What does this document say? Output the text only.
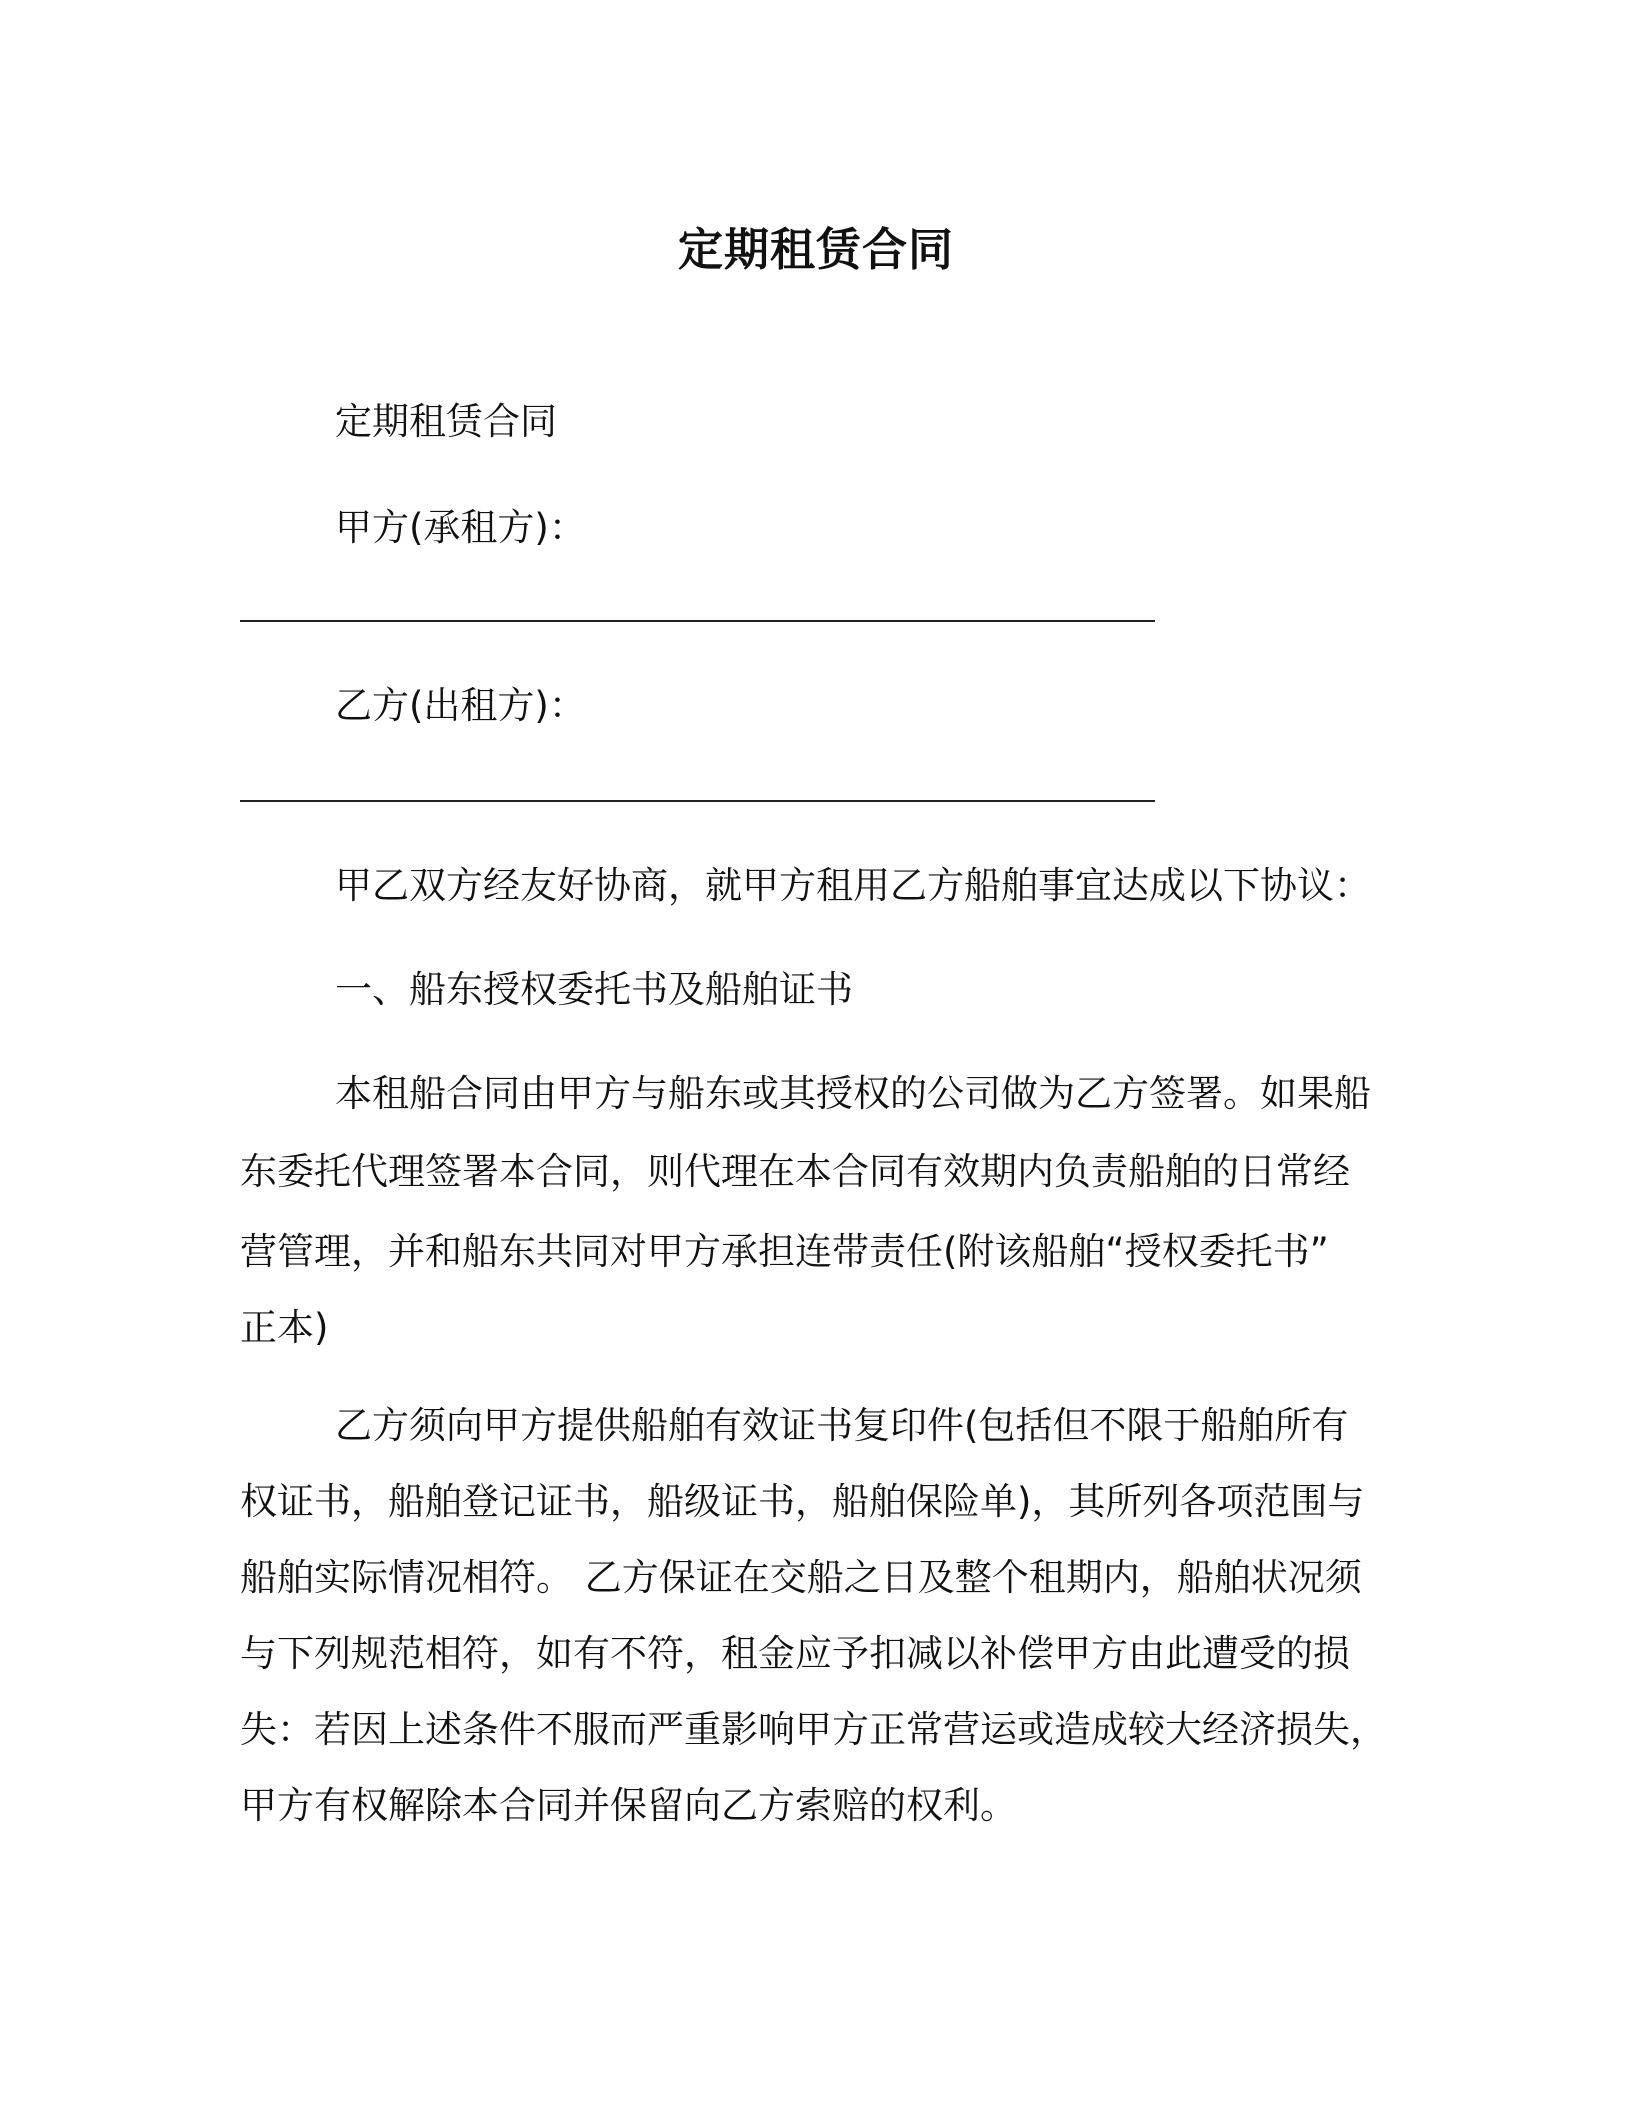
定期租赁合同
定期租赁合同
甲方(承租方)：
乙方(出租方)：
甲乙双方经友好协商，就甲方租用乙方船舶事宜达成以下协议：
一、船东授权委托书及船舶证书
本租船合同由甲方与船东或其授权的公司做为乙方签署。如果船
东委托代理签署本合同，则代理在本合同有效期内负责船舶的日常经
营管理，并和船东共同对甲方承担连带责任(附该船舶“授权委托书”
正本)
乙方须向甲方提供船舶有效证书复印件(包括但不限于船舶所有
权证书，船舶登记证书，船级证书，船舶保险单)，其所列各项范围与
船舶实际情况相符。 乙方保证在交船之日及整个租期内，船舶状况须
与下列规范相符，如有不符，租金应予扣减以补偿甲方由此遭受的损
失：若因上述条件不服而严重影响甲方正常营运或造成较大经济损失，
甲方有权解除本合同并保留向乙方索赔的权利。
